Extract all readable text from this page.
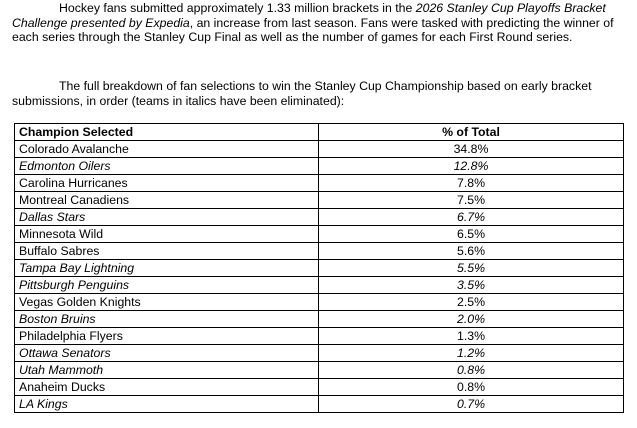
Hockey fans submitted approximately 1.33 million brackets in the 2026 Stanley Cup Playoffs Bracket Challenge presented by Expedia, an increase from last season. Fans were tasked with predicting the winner of each series through the Stanley Cup Final as well as the number of games for each First Round series.

The full breakdown of fan selections to win the Stanley Cup Championship based on early bracket submissions, in order (teams in italics have been eliminated):

Champion Selected	% of Total
Colorado Avalanche	34.8%
Edmonton Oilers	12.8%
Carolina Hurricanes	7.8%
Montreal Canadiens	7.5%
Dallas Stars	6.7%
Minnesota Wild	6.5%
Buffalo Sabres	5.6%
Tampa Bay Lightning	5.5%
Pittsburgh Penguins	3.5%
Vegas Golden Knights	2.5%
Boston Bruins	2.0%
Philadelphia Flyers	1.3%
Ottawa Senators	1.2%
Utah Mammoth	0.8%
Anaheim Ducks	0.8%
LA Kings	0.7%
